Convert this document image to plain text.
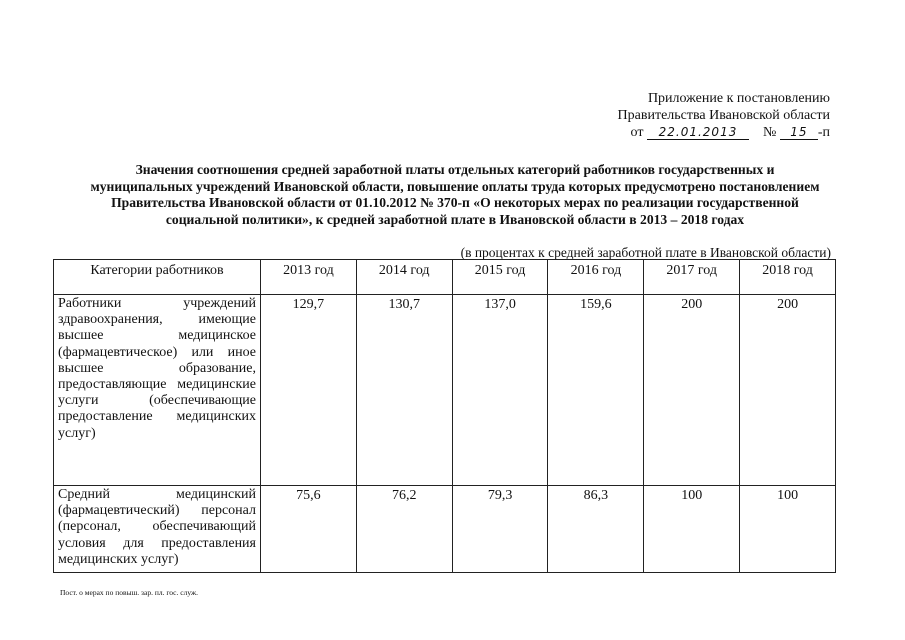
Приложение к постановлению
Правительства Ивановской области
от 22.01.2013 № 15 -п
Значения соотношения средней заработной платы отдельных категорий работников государственных и муниципальных учреждений Ивановской области, повышение оплаты труда которых предусмотрено постановлением Правительства Ивановской области от 01.10.2012 № 370-п «О некоторых мерах по реализации государственной социальной политики», к средней заработной плате в Ивановской области в 2013 – 2018 годах
(в процентах к средней заработной плате в Ивановской области)
Категории работников	2013 год	2014 год	2015 год	2016 год	2017 год	2018 год
Работники учреждений здравоохранения, имеющие высшее медицинское (фармацевтическое) или иное высшее образование, предоставляющие медицинские услуги (обеспечивающие предоставление медицинских услуг)	129,7	130,7	137,0	159,6	200	200
Средний медицинский (фармацевтический) персонал (персонал, обеспечивающий условия для предоставления медицинских услуг)	75,6	76,2	79,3	86,3	100	100
Пост. о мерах по повыш. зар. пл. гос. служ.
